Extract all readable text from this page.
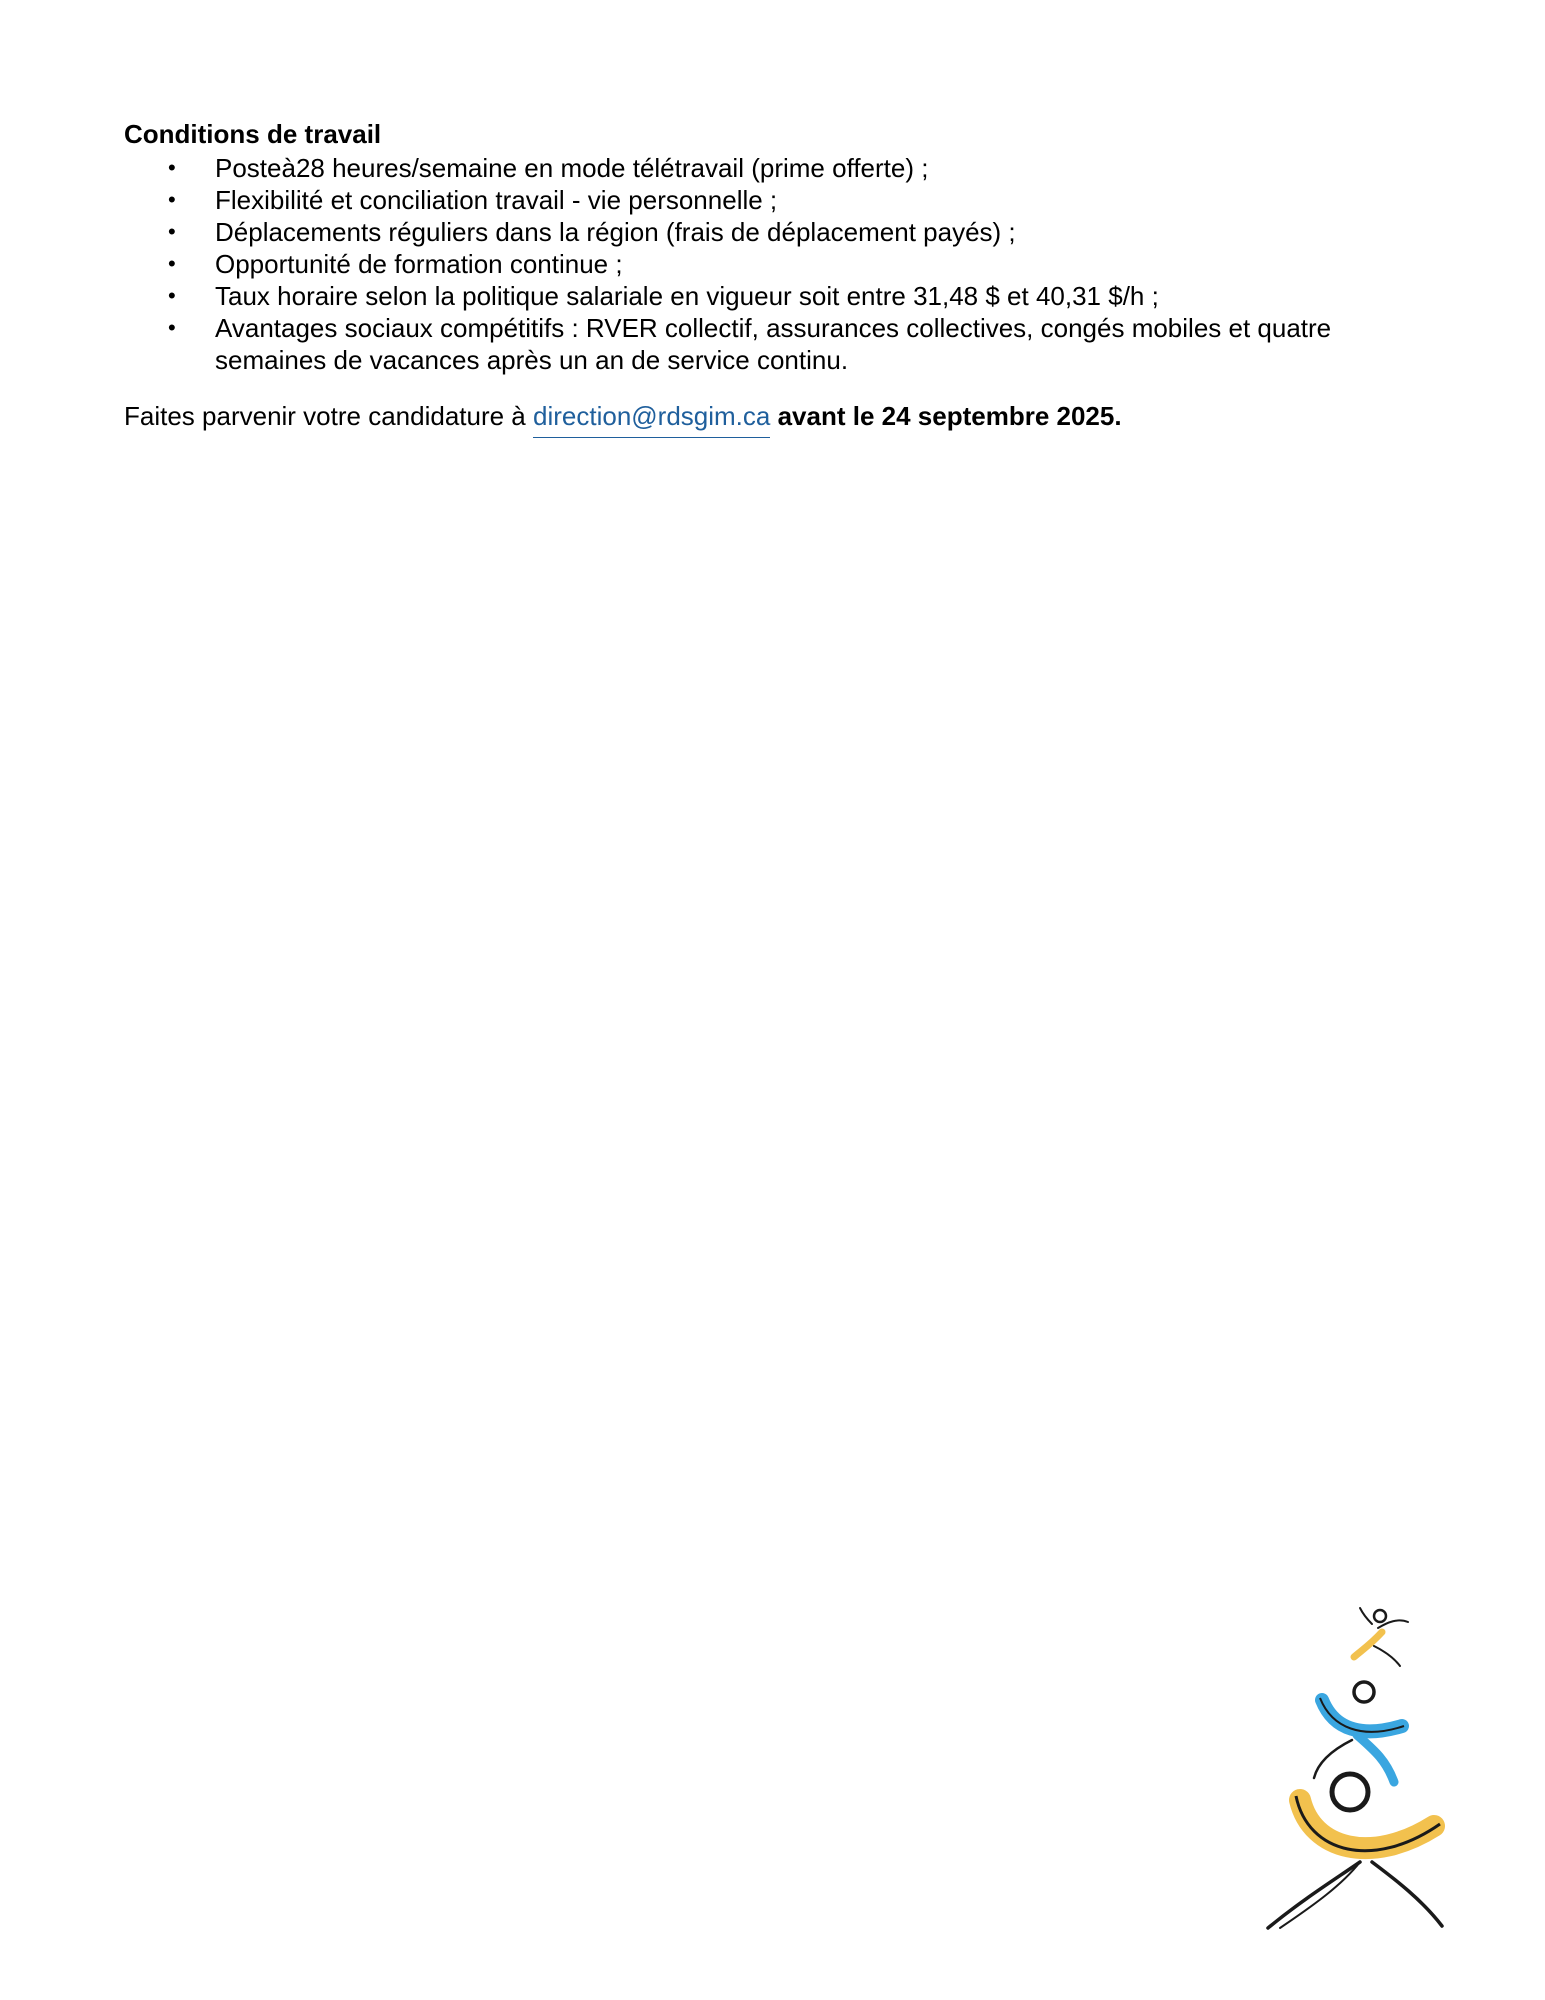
Conditions de travail
• Posteà28 heures/semaine en mode télétravail (prime offerte) ;
• Flexibilité et conciliation travail - vie personnelle ;
• Déplacements réguliers dans la région (frais de déplacement payés) ;
• Opportunité de formation continue ;
• Taux horaire selon la politique salariale en vigueur soit entre 31,48 $ et 40,31 $/h ;
• Avantages sociaux compétitifs : RVER collectif, assurances collectives, congés mobiles et quatre semaines de vacances après un an de service continu.

Faites parvenir votre candidature à direction@rdsgim.ca avant le 24 septembre 2025.
